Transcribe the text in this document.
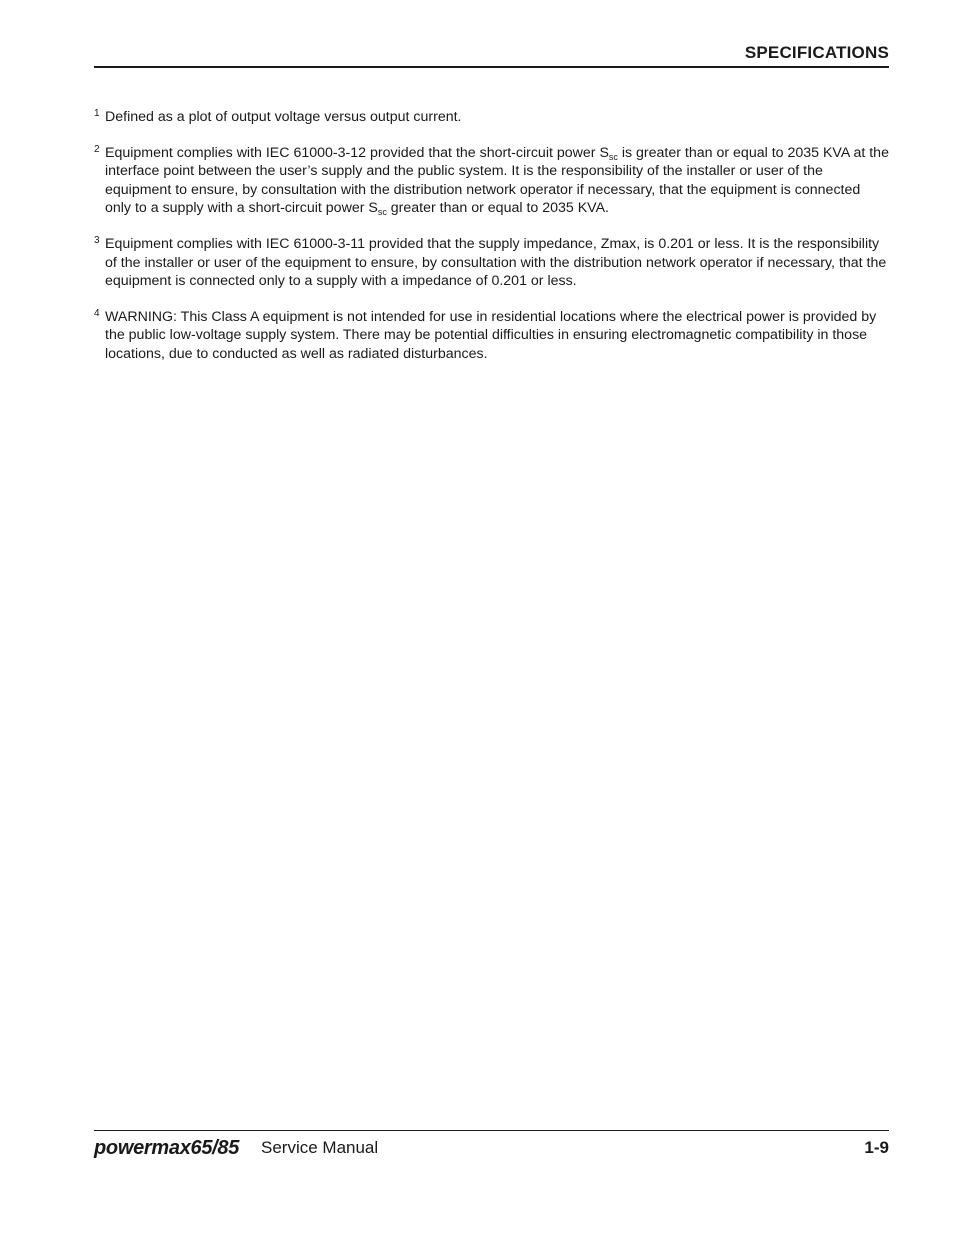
SPECIFICATIONS

1 Defined as a plot of output voltage versus output current.

2 Equipment complies with IEC 61000-3-12 provided that the short-circuit power $S_{sc}$ is greater than or equal to 2035 KVA at the interface point between the user’s supply and the public system. It is the responsibility of the installer or user of the equipment to ensure, by consultation with the distribution network operator if necessary, that the equipment is connected only to a supply with a short-circuit power $S_{sc}$ greater than or equal to 2035 KVA.

3 Equipment complies with IEC 61000-3-11 provided that the supply impedance, Zmax, is 0.201 or less. It is the responsibility of the installer or user of the equipment to ensure, by consultation with the distribution network operator if necessary, that the equipment is connected only to a supply with a impedance of 0.201 or less.

4 WARNING: This Class A equipment is not intended for use in residential locations where the electrical power is provided by the public low-voltage supply system. There may be potential difficulties in ensuring electromagnetic compatibility in those locations, due to conducted as well as radiated disturbances.

powermax65/85 Service Manual	1-9
